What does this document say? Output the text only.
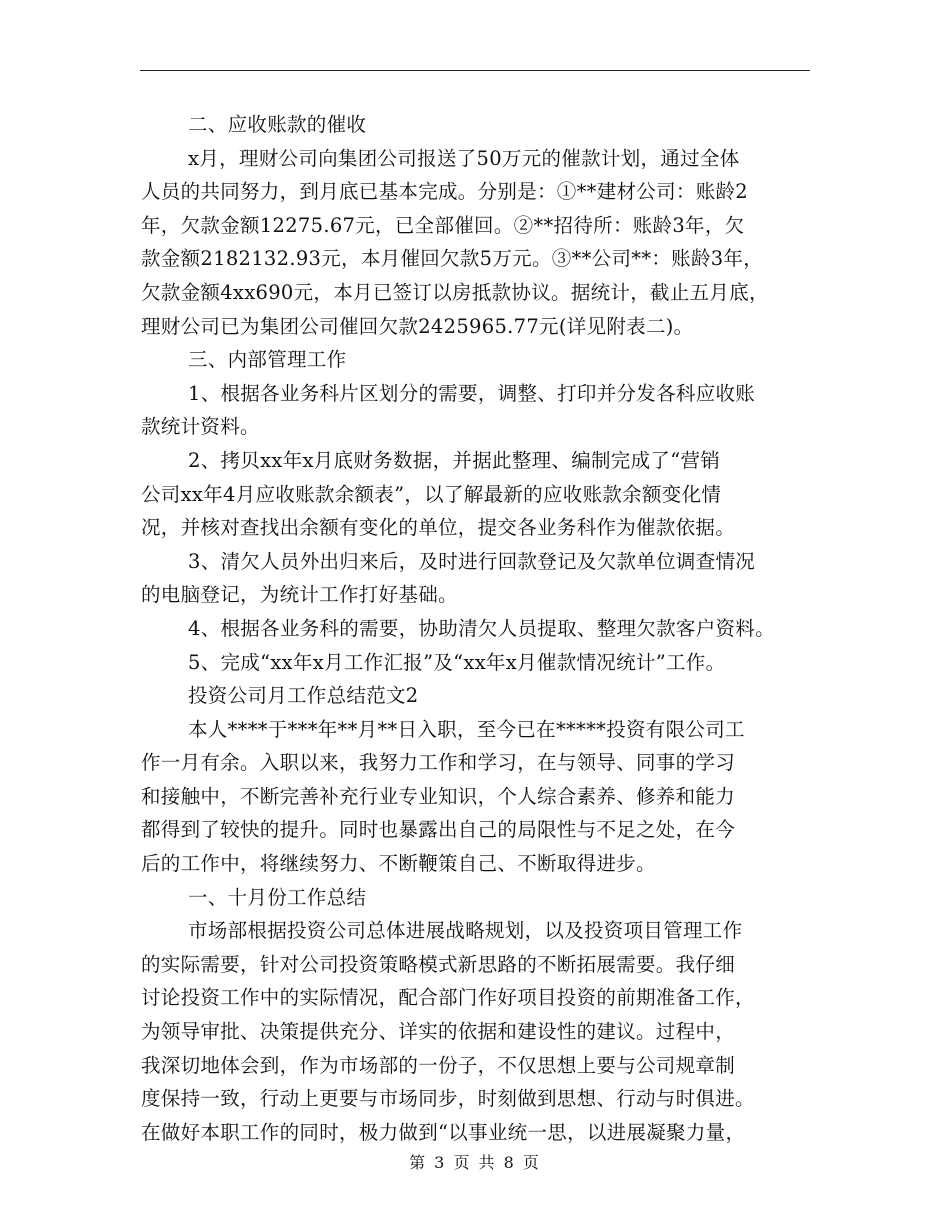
二、应收账款的催收
x月，理财公司向集团公司报送了50万元的催款计划，通过全体
人员的共同努力，到月底已基本完成。分别是：①**建材公司：账龄2
年，欠款金额12275.67元，已全部催回。②**招待所：账龄3年，欠
款金额2182132.93元，本月催回欠款5万元。③**公司**：账龄3年，
欠款金额4xx690元，本月已签订以房抵款协议。据统计，截止五月底，
理财公司已为集团公司催回欠款2425965.77元(详见附表二)。
三、内部管理工作
1、根据各业务科片区划分的需要，调整、打印并分发各科应收账
款统计资料。
2、拷贝xx年x月底财务数据，并据此整理、编制完成了“营销
公司xx年4月应收账款余额表”，以了解最新的应收账款余额变化情
况，并核对查找出余额有变化的单位，提交各业务科作为催款依据。
3、清欠人员外出归来后，及时进行回款登记及欠款单位调查情况
的电脑登记，为统计工作打好基础。
4、根据各业务科的需要，协助清欠人员提取、整理欠款客户资料。
5、完成“xx年x月工作汇报”及“xx年x月催款情况统计”工作。
投资公司月工作总结范文2
本人****于***年**月**日入职，至今已在*****投资有限公司工
作一月有余。入职以来，我努力工作和学习，在与领导、同事的学习
和接触中，不断完善补充行业专业知识，个人综合素养、修养和能力
都得到了较快的提升。同时也暴露出自己的局限性与不足之处，在今
后的工作中，将继续努力、不断鞭策自己、不断取得进步。
一、十月份工作总结
市场部根据投资公司总体进展战略规划，以及投资项目管理工作
的实际需要，针对公司投资策略模式新思路的不断拓展需要。我仔细
讨论投资工作中的实际情况，配合部门作好项目投资的前期准备工作，
为领导审批、决策提供充分、详实的依据和建设性的建议。过程中，
我深切地体会到，作为市场部的一份子，不仅思想上要与公司规章制
度保持一致，行动上更要与市场同步，时刻做到思想、行动与时俱进。
在做好本职工作的同时，极力做到“以事业统一思，以进展凝聚力量，
第 3 页 共 8 页
